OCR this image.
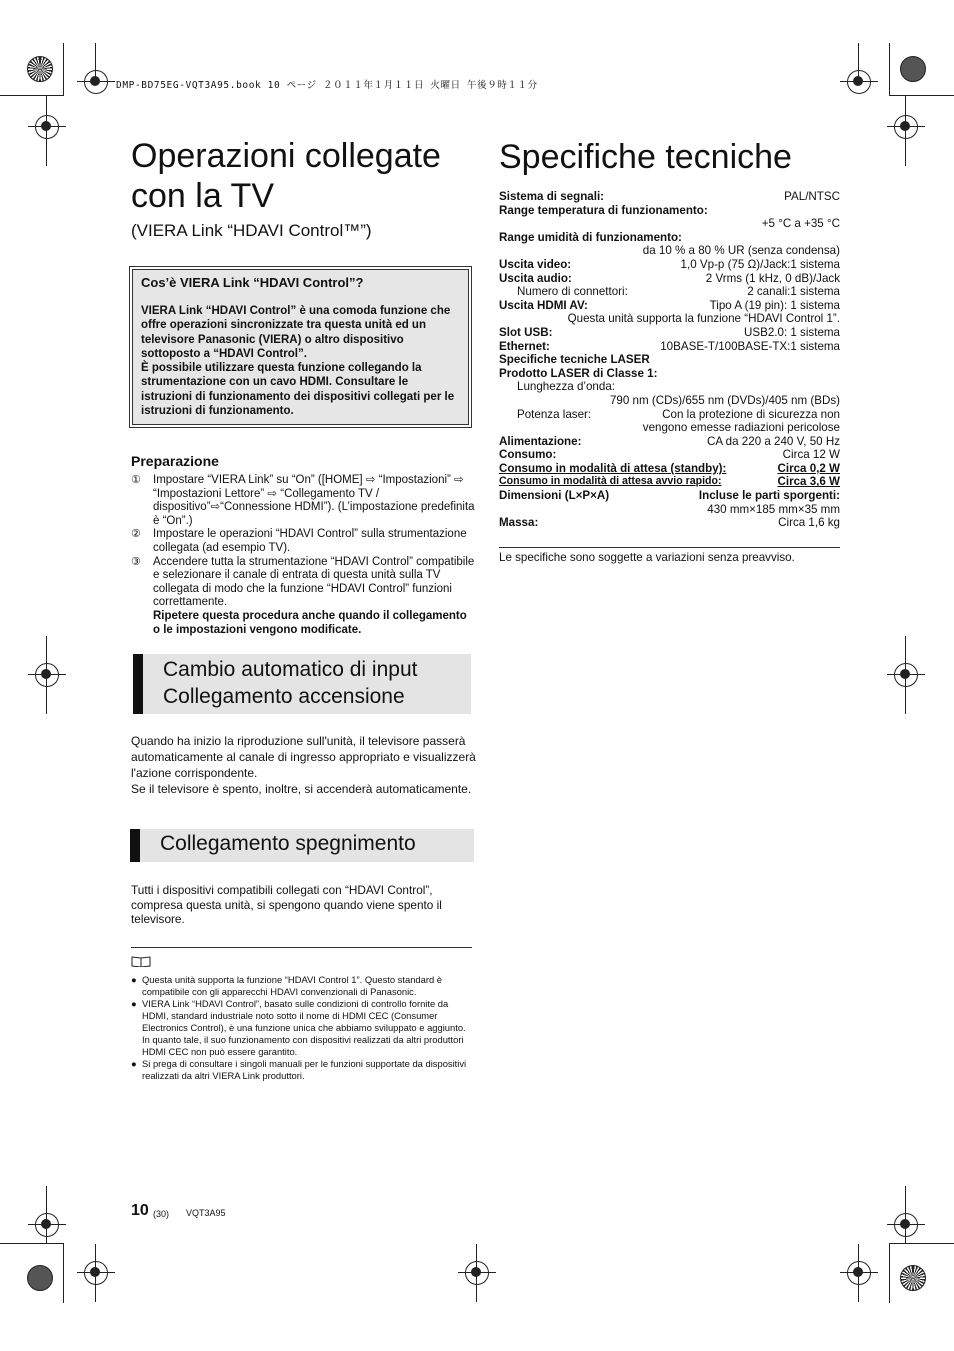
DMP-BD75EG-VQT3A95.book 10 ページ ２０１１年１月１１日 火曜日 午後９時１１分
Operazioni collegate
con la TV
(VIERA Link “HDAVI Control™”)
Cos’è VIERA Link “HDAVI Control”?
VIERA Link “HDAVI Control” è una comoda funzione che offre operazioni sincronizzate tra questa unità ed un televisore Panasonic (VIERA) o altro dispositivo sottoposto a “HDAVI Control”.
È possibile utilizzare questa funzione collegando la strumentazione con un cavo HDMI. Consultare le istruzioni di funzionamento dei dispositivi collegati per le istruzioni di funzionamento.
Preparazione
①	Impostare “VIERA Link” su “On” ([HOME] ⇨ “Impostazioni” ⇨ “Impostazioni Lettore” ⇨ “Collegamento TV / dispositivo”⇨“Connessione HDMI”). (L’impostazione predefinita è “On”.)
②	Impostare le operazioni “HDAVI Control” sulla strumentazione collegata (ad esempio TV).
③	Accendere tutta la strumentazione “HDAVI Control” compatibile e selezionare il canale di entrata di questa unità sulla TV collegata di modo che la funzione “HDAVI Control” funzioni correttamente.
Ripetere questa procedura anche quando il collegamento o le impostazioni vengono modificate.
Cambio automatico di input
Collegamento accensione
Quando ha inizio la riproduzione sull'unità, il televisore passerà automaticamente al canale di ingresso appropriato e visualizzerà l'azione corrispondente.
Se il televisore è spento, inoltre, si accenderà automaticamente.
Collegamento spegnimento
Tutti i dispositivi compatibili collegati con “HDAVI Control”, compresa questa unità, si spengono quando viene spento il televisore.
● Questa unità supporta la funzione “HDAVI Control 1”. Questo standard è compatibile con gli apparecchi HDAVI convenzionali di Panasonic.
● VIERA Link “HDAVI Control”, basato sulle condizioni di controllo fornite da HDMI, standard industriale noto sotto il nome di HDMI CEC (Consumer Electronics Control), è una funzione unica che abbiamo sviluppato e aggiunto. In quanto tale, il suo funzionamento con dispositivi realizzati da altri produttori HDMI CEC non può essere garantito.
● Si prega di consultare i singoli manuali per le funzioni supportate da dispositivi realizzati da altri VIERA Link produttori.
10 (30) VQT3A95
Specifiche tecniche
Sistema di segnali:	PAL/NTSC
Range temperatura di funzionamento:
+5 °C a +35 °C
Range umidità di funzionamento:
da 10 % a 80 % UR (senza condensa)
Uscita video:	1,0 Vp-p (75 Ω)/Jack:1 sistema
Uscita audio:	2 Vrms (1 kHz, 0 dB)/Jack
Numero di connettori:	2 canali:1 sistema
Uscita HDMI AV:	Tipo A (19 pin): 1 sistema
Questa unità supporta la funzione “HDAVI Control 1”.
Slot USB:	USB2.0: 1 sistema
Ethernet:	10BASE-T/100BASE-TX:1 sistema
Specifiche tecniche LASER
Prodotto LASER di Classe 1:
Lunghezza d’onda:
790 nm (CDs)/655 nm (DVDs)/405 nm (BDs)
Potenza laser:	Con la protezione di sicurezza non
vengono emesse radiazioni pericolose
Alimentazione:	CA da 220 a 240 V, 50 Hz
Consumo:	Circa 12 W
Consumo in modalità di attesa (standby):	Circa 0,2 W
Consumo in modalità di attesa avvio rapido:	Circa 3,6 W
Dimensioni (L×P×A)	Incluse le parti sporgenti:
430 mm×185 mm×35 mm
Massa:	Circa 1,6 kg
Le specifiche sono soggette a variazioni senza preavviso.
